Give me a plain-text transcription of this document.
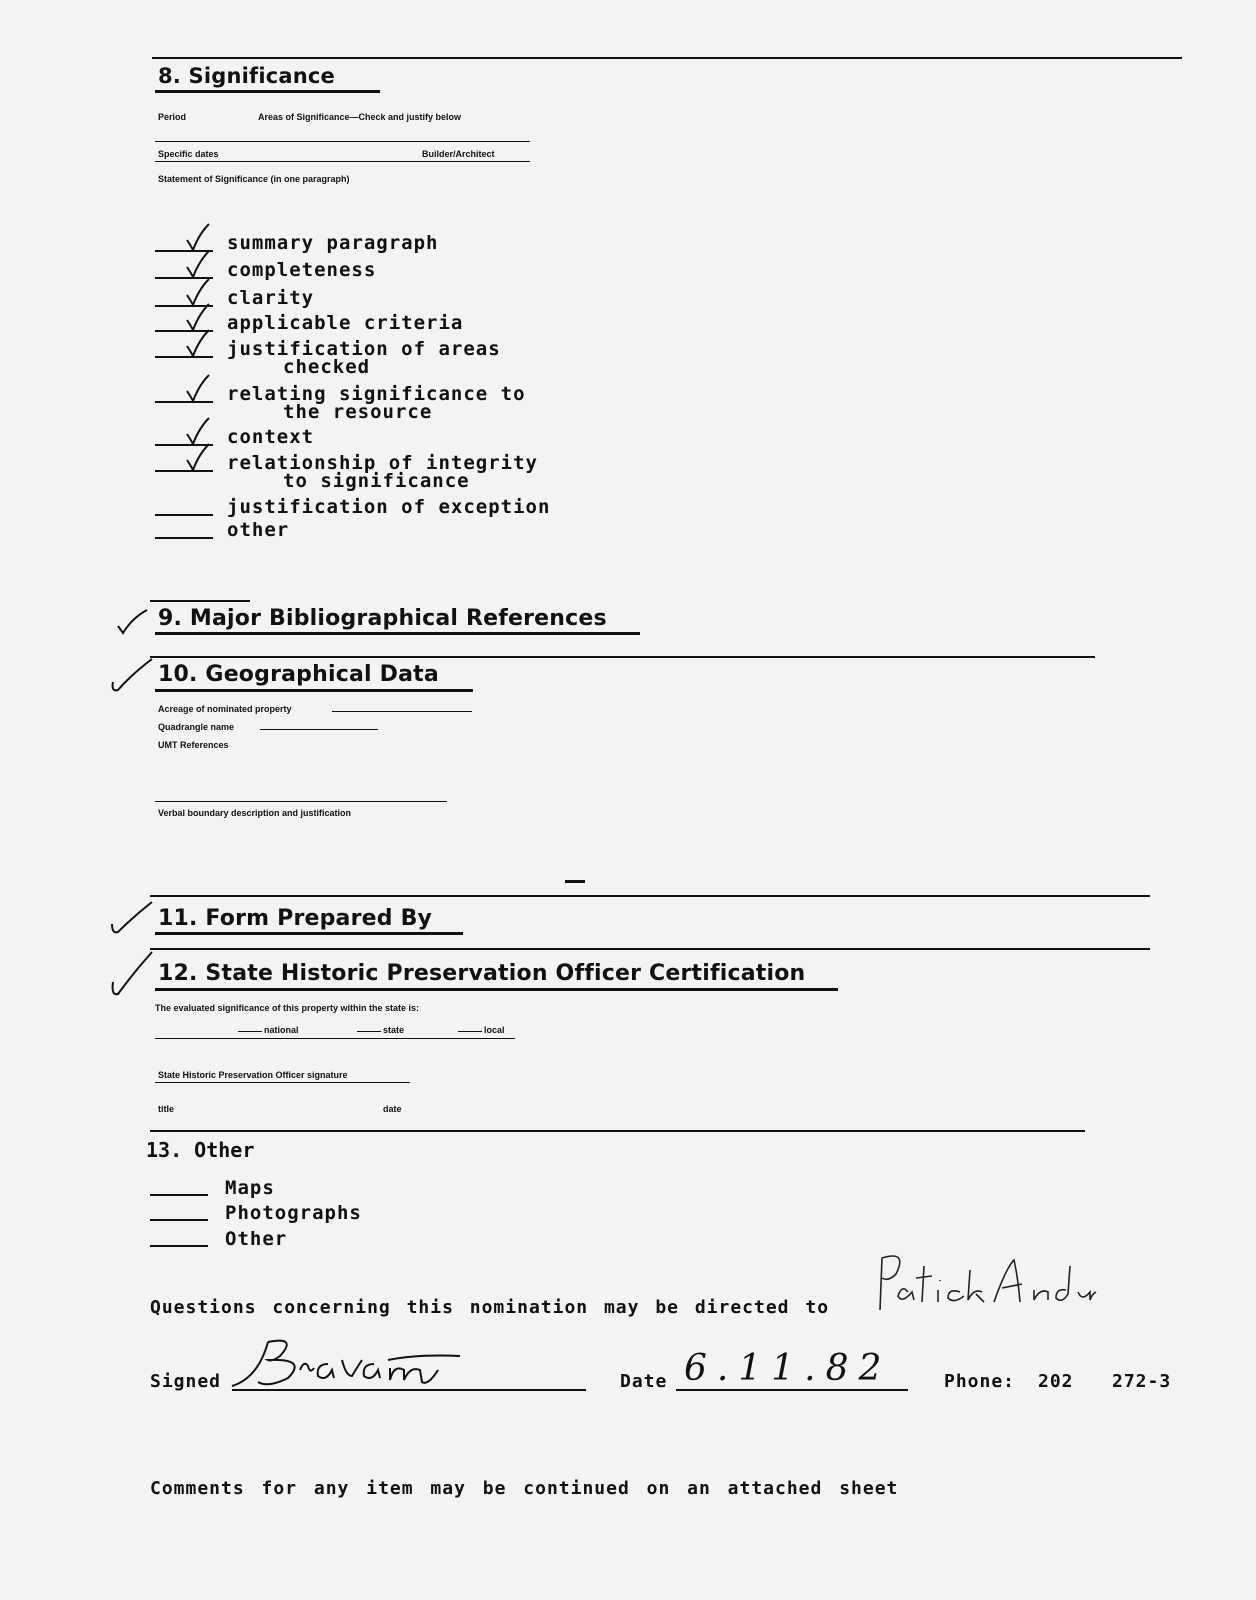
8. Significance
Period	Areas of Significance—Check and justify below
Specific dates	Builder/Architect
Statement of Significance (in one paragraph)
summary paragraph
completeness
clarity
applicable criteria
justification of areas
checked
relating significance to
the resource
context
relationship of integrity
to significance
justification of exception
other
9. Major Bibliographical References
10. Geographical Data
Acreage of nominated property
Quadrangle name
UMT References
Verbal boundary description and justification
11. Form Prepared By
12. State Historic Preservation Officer Certification
The evaluated significance of this property within the state is:
national	state	local
State Historic Preservation Officer signature
title	date
13. Other
Maps
Photographs
Other
Questions concerning this nomination may be directed to
Signed	Date 6.11.82	Phone: 202 272-3
Comments for any item may be continued on an attached sheet
